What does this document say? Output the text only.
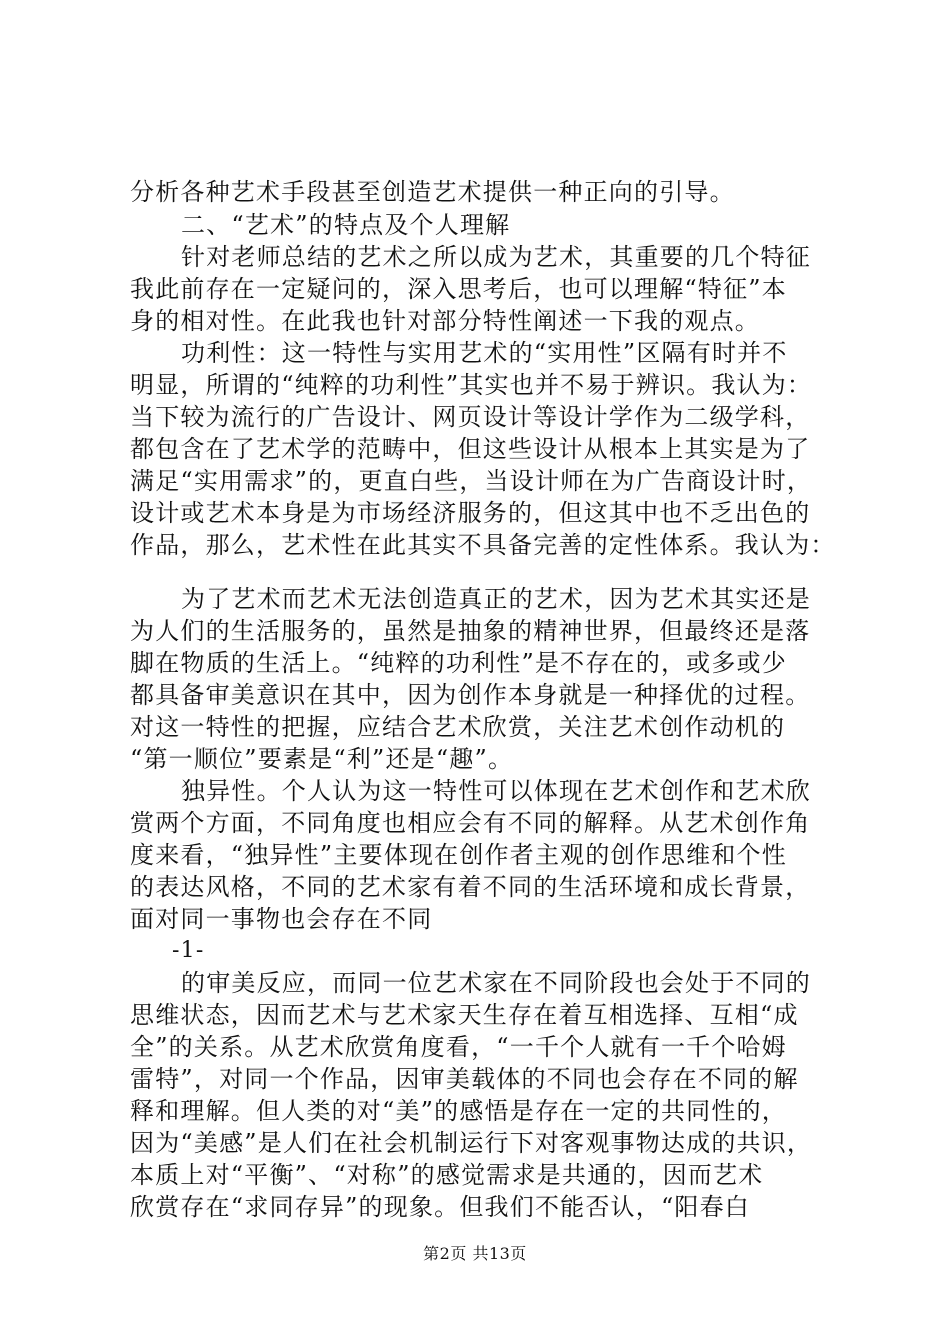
分析各种艺术手段甚至创造艺术提供一种正向的引导。
二、“艺术”的特点及个人理解
针对老师总结的艺术之所以成为艺术，其重要的几个特征
我此前存在一定疑问的，深入思考后，也可以理解“特征”本
身的相对性。在此我也针对部分特性阐述一下我的观点。
功利性：这一特性与实用艺术的“实用性”区隔有时并不
明显，所谓的“纯粹的功利性”其实也并不易于辨识。我认为：
当下较为流行的广告设计、网页设计等设计学作为二级学科，
都包含在了艺术学的范畴中，但这些设计从根本上其实是为了
满足“实用需求”的，更直白些，当设计师在为广告商设计时，
设计或艺术本身是为市场经济服务的，但这其中也不乏出色的
作品，那么，艺术性在此其实不具备完善的定性体系。我认为：
为了艺术而艺术无法创造真正的艺术，因为艺术其实还是
为人们的生活服务的，虽然是抽象的精神世界，但最终还是落
脚在物质的生活上。“纯粹的功利性”是不存在的，或多或少
都具备审美意识在其中，因为创作本身就是一种择优的过程。
对这一特性的把握，应结合艺术欣赏，关注艺术创作动机的
“第一顺位”要素是“利”还是“趣”。
独异性。个人认为这一特性可以体现在艺术创作和艺术欣
赏两个方面，不同角度也相应会有不同的解释。从艺术创作角
度来看，“独异性”主要体现在创作者主观的创作思维和个性
的表达风格，不同的艺术家有着不同的生活环境和成长背景，
面对同一事物也会存在不同
-1-
的审美反应，而同一位艺术家在不同阶段也会处于不同的
思维状态，因而艺术与艺术家天生存在着互相选择、互相“成
全”的关系。从艺术欣赏角度看，“一千个人就有一千个哈姆
雷特”，对同一个作品，因审美载体的不同也会存在不同的解
释和理解。但人类的对“美”的感悟是存在一定的共同性的，
因为“美感”是人们在社会机制运行下对客观事物达成的共识，
本质上对“平衡”、“对称”的感觉需求是共通的，因而艺术
欣赏存在“求同存异”的现象。但我们不能否认，“阳春白
第2页 共13页
